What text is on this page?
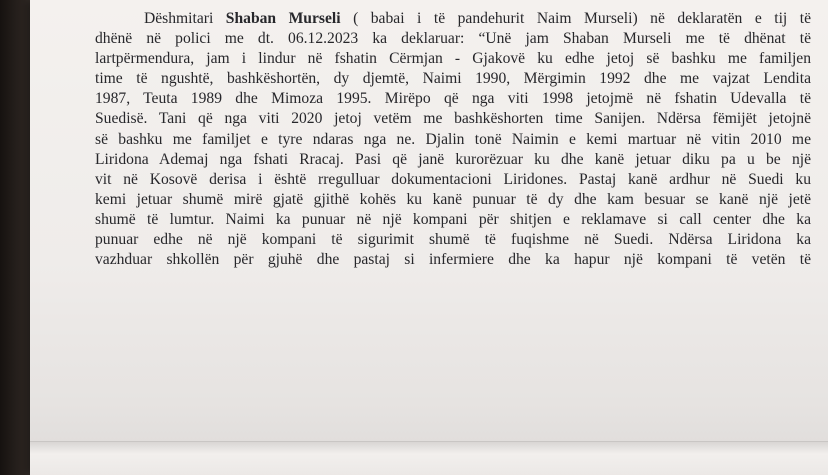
Dëshmitari Shaban Murseli ( babai i të pandehurit Naim Murseli) në deklaratën e tij të
dhënë në polici me dt. 06.12.2023 ka deklaruar: “Unë jam Shaban Murseli me të dhënat të
lartpërmendura, jam i lindur në fshatin Cërmjan - Gjakovë ku edhe jetoj së bashku me familjen
time të ngushtë, bashkëshortën, dy djemtë, Naimi 1990, Mërgimin 1992 dhe me vajzat Lendita
1987, Teuta 1989 dhe Mimoza 1995. Mirëpo që nga viti 1998 jetojmë në fshatin Udevalla të
Suedisë. Tani që nga viti 2020 jetoj vetëm me bashkëshorten time Sanijen. Ndërsa fëmijët jetojnë
së bashku me familjet e tyre ndaras nga ne. Djalin tonë Naimin e kemi martuar në vitin 2010 me
Liridona Ademaj nga fshati Rracaj. Pasi që janë kurorëzuar ku dhe kanë jetuar diku pa u be një
vit në Kosovë derisa i është rregulluar dokumentacioni Liridones. Pastaj kanë ardhur në Suedi ku
kemi jetuar shumë mirë gjatë gjithë kohës ku kanë punuar të dy dhe kam besuar se kanë një jetë
shumë të lumtur. Naimi ka punuar në një kompani për shitjen e reklamave si call center dhe ka
punuar edhe në një kompani të sigurimit shumë të fuqishme në Suedi. Ndërsa Liridona ka
vazhduar shkollën për gjuhë dhe pastaj si infermiere dhe ka hapur një kompani të vetën të
